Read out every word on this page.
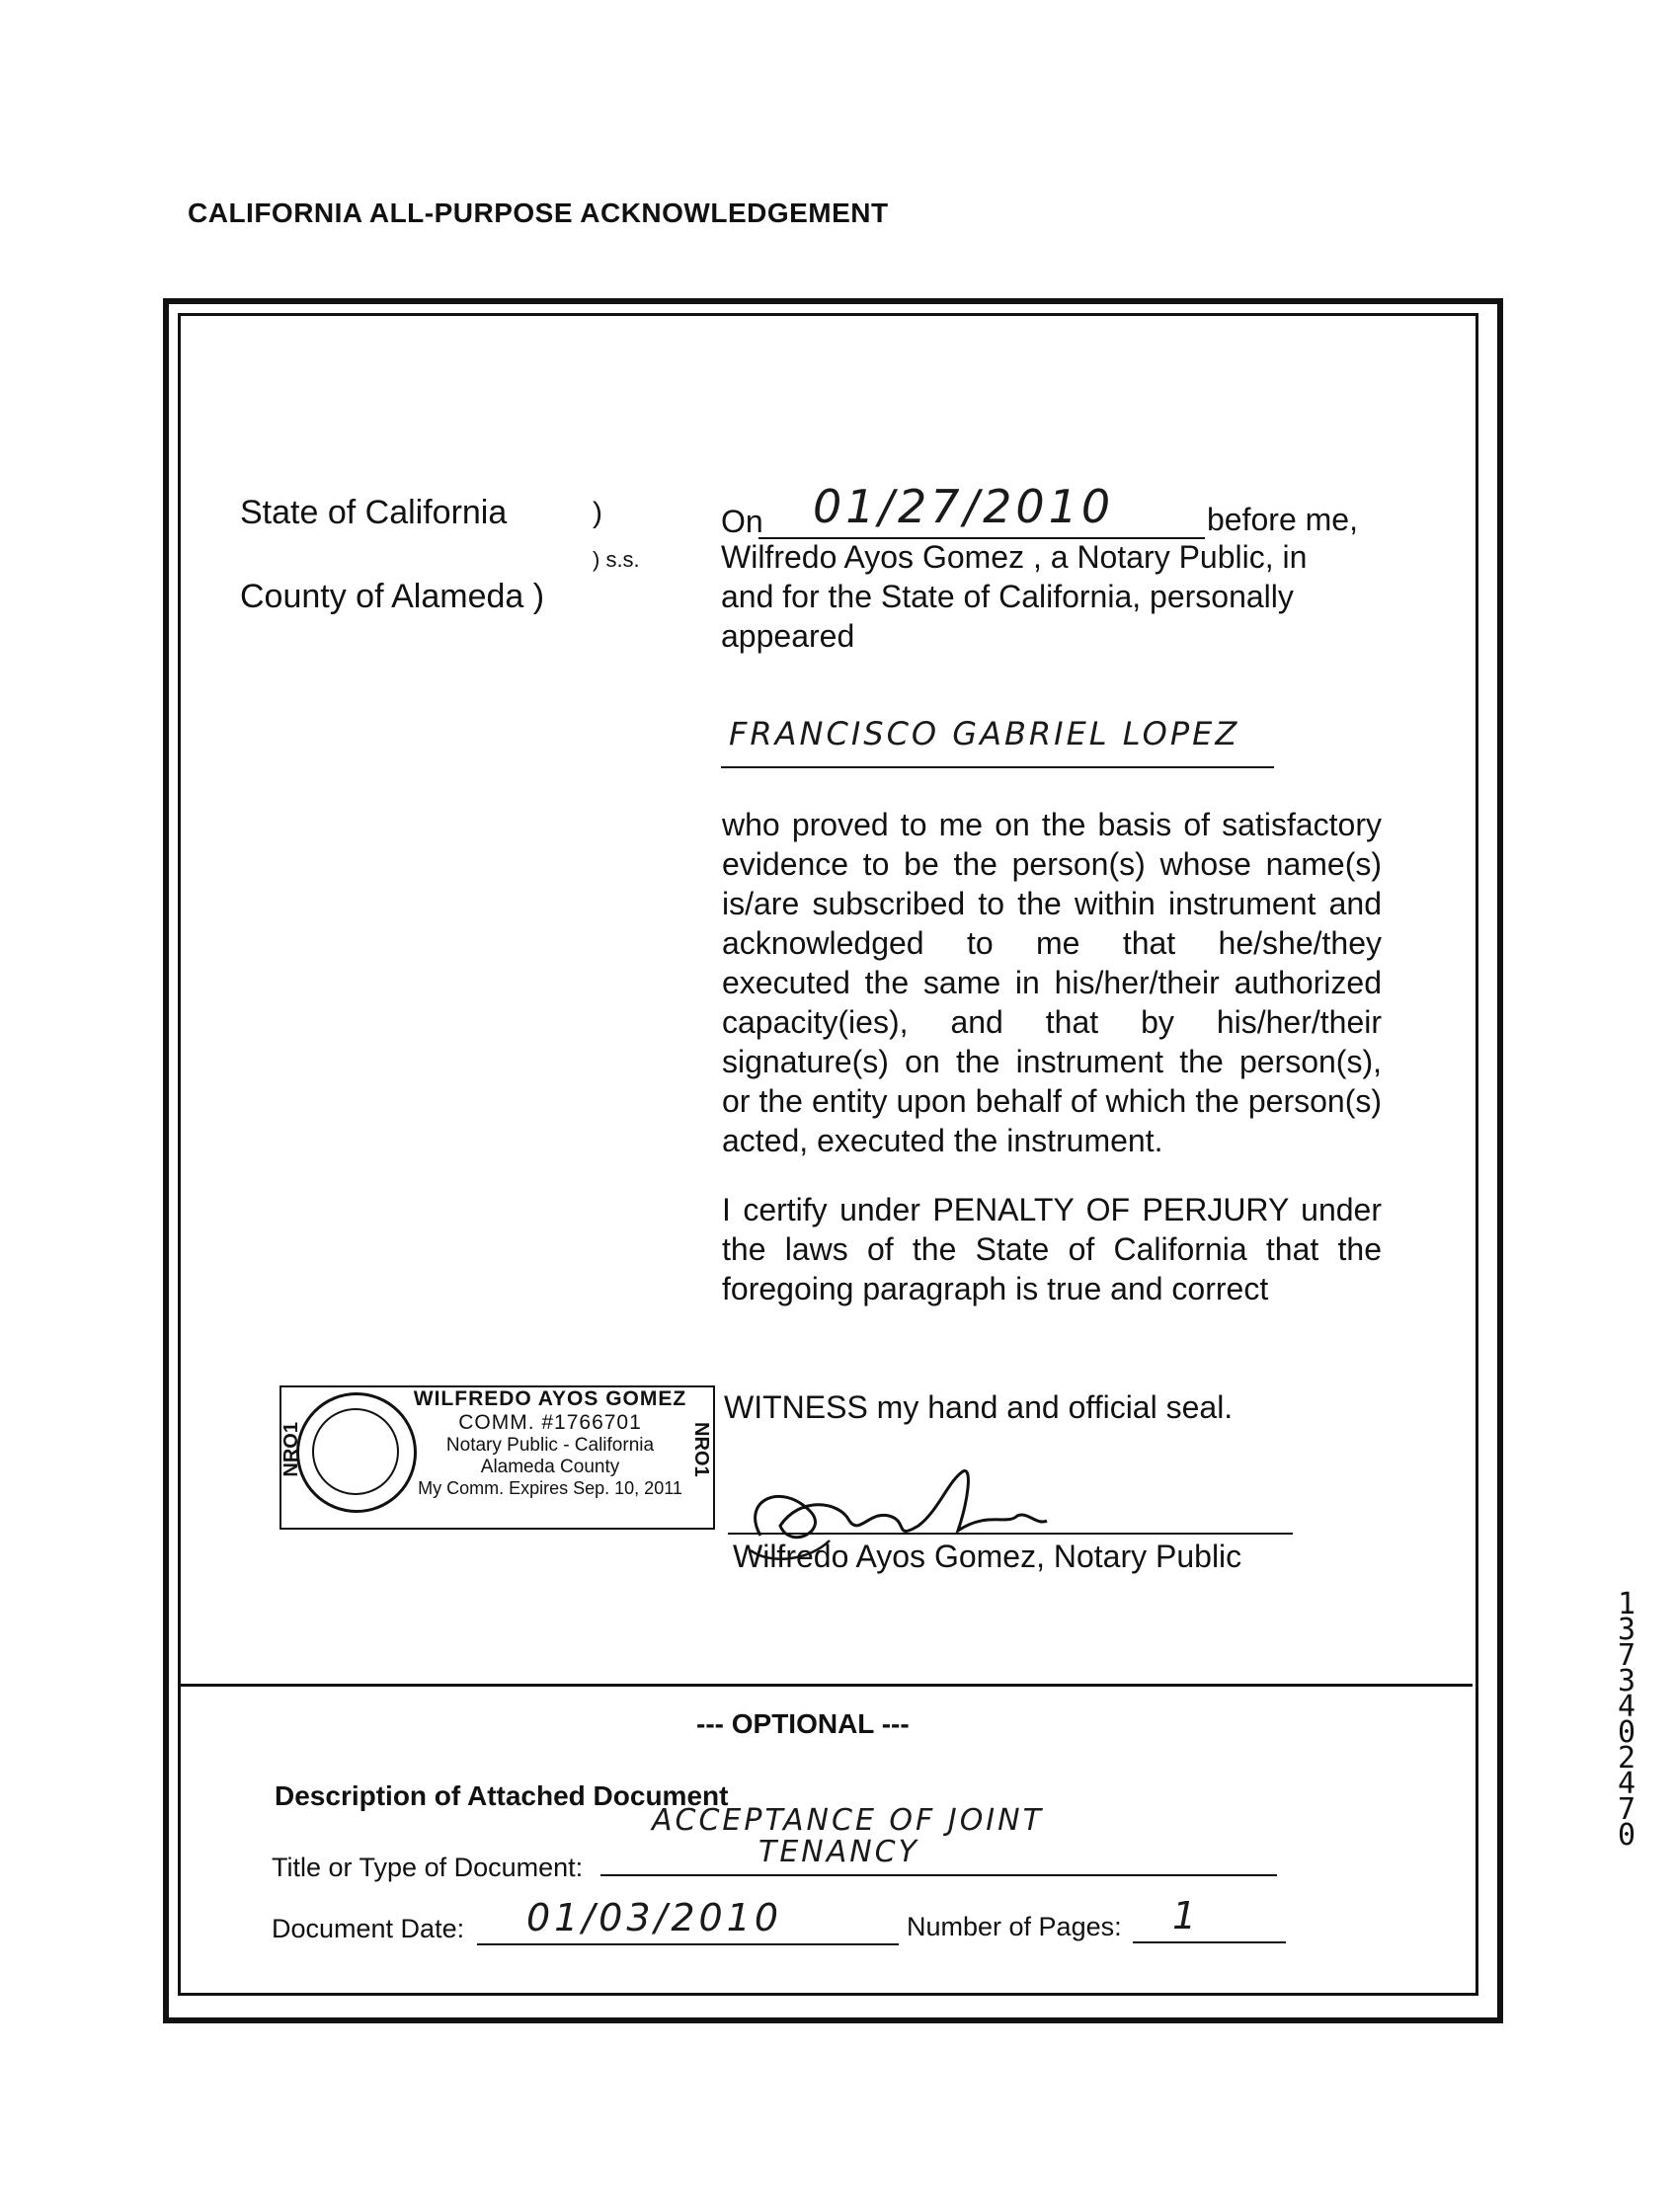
CALIFORNIA ALL-PURPOSE ACKNOWLEDGEMENT
State of California
County of Alameda )
)
) s.s.
On 01/27/2010	before me,
Wilfredo Ayos Gomez , a Notary Public, in
and for the State of California, personally
appeared
FRANCISCO GABRIEL LOPEZ
who proved to me on the basis of satisfactory evidence to be the person(s) whose name(s) is/are subscribed to the within instrument and acknowledged to me that he/she/they executed the same in his/her/their authorized capacity(ies), and that by his/her/their signature(s) on the instrument the person(s), or the entity upon behalf of which the person(s) acted, executed the instrument.
I certify under PENALTY OF PERJURY under the laws of the State of California that the foregoing paragraph is true and correct
WITNESS my hand and official seal.
Wilfredo Ayos Gomez, Notary Public
NRO1	NRO1
WILFREDO AYOS GOMEZ
COMM. #1766701
Notary Public - California
Alameda County
My Comm. Expires Sep. 10, 2011
--- OPTIONAL ---
Description of Attached Document
ACCEPTANCE OF JOINT
Title or Type of Document:	TENANCY
Document Date: 01/03/2010	Number of Pages: 1
1373402470
